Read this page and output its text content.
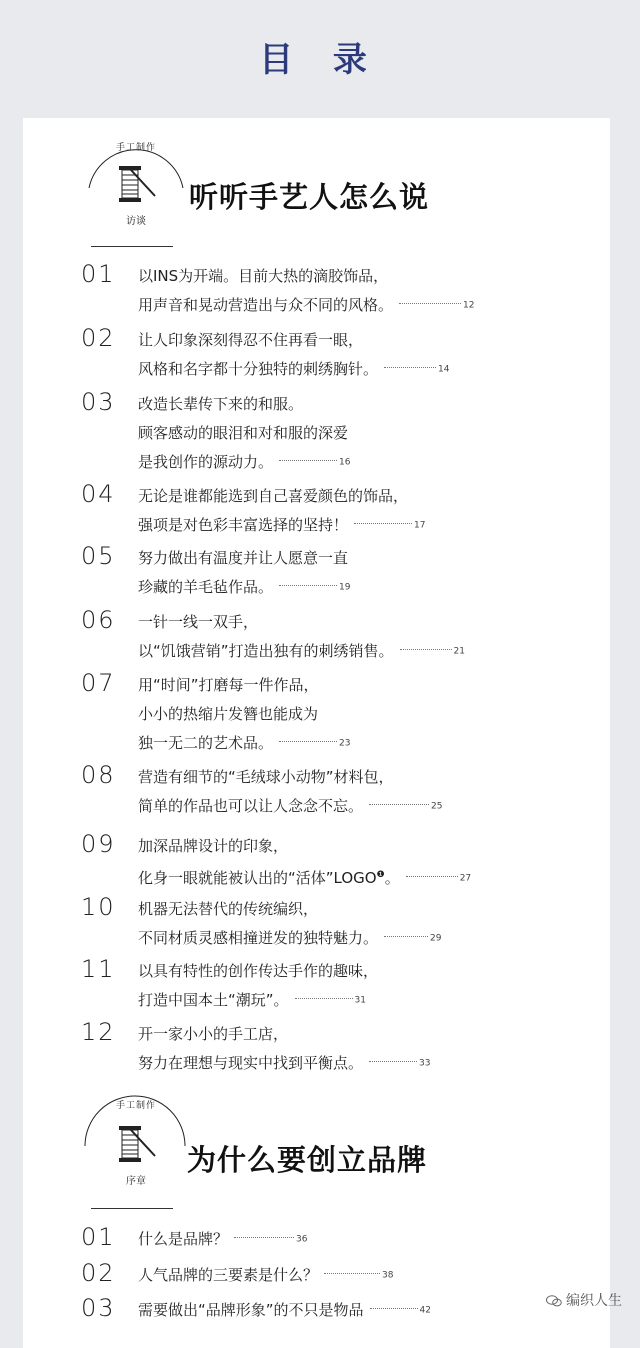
目 录
手工制作
访谈
听听手艺人怎么说
01 以INS为开端。目前大热的滴胶饰品，
用声音和晃动营造出与众不同的风格。	12
02 让人印象深刻得忍不住再看一眼，
风格和名字都十分独特的刺绣胸针。	14
03 改造长辈传下来的和服。
顾客感动的眼泪和对和服的深爱
是我创作的源动力。	16
04 无论是谁都能选到自己喜爱颜色的饰品，
强项是对色彩丰富选择的坚持！	17
05 努力做出有温度并让人愿意一直
珍藏的羊毛毡作品。	19
06 一针一线一双手，
以“饥饿营销”打造出独有的刺绣销售。	21
07 用“时间”打磨每一件作品，
小小的热缩片发簪也能成为
独一无二的艺术品。	23
08 营造有细节的“毛绒球小动物”材料包，
简单的作品也可以让人念念不忘。	25
09 加深品牌设计的印象，
化身一眼就能被认出的“活体$”LOGO^❶$。	27
10 机器无法替代的传统编织，
不同材质灵感相撞迸发的独特魅力。	29
11 以具有特性的创作传达手作的趣味，
打造中国本土“潮玩”。	31
12 开一家小小的手工店，
努力在理想与现实中找到平衡点。	33
手工制作
序章
为什么要创立品牌
01 什么是品牌？	36
02 人气品牌的三要素是什么？	38
03 需要做出“品牌形象”的不只是物品	42
编织人生
